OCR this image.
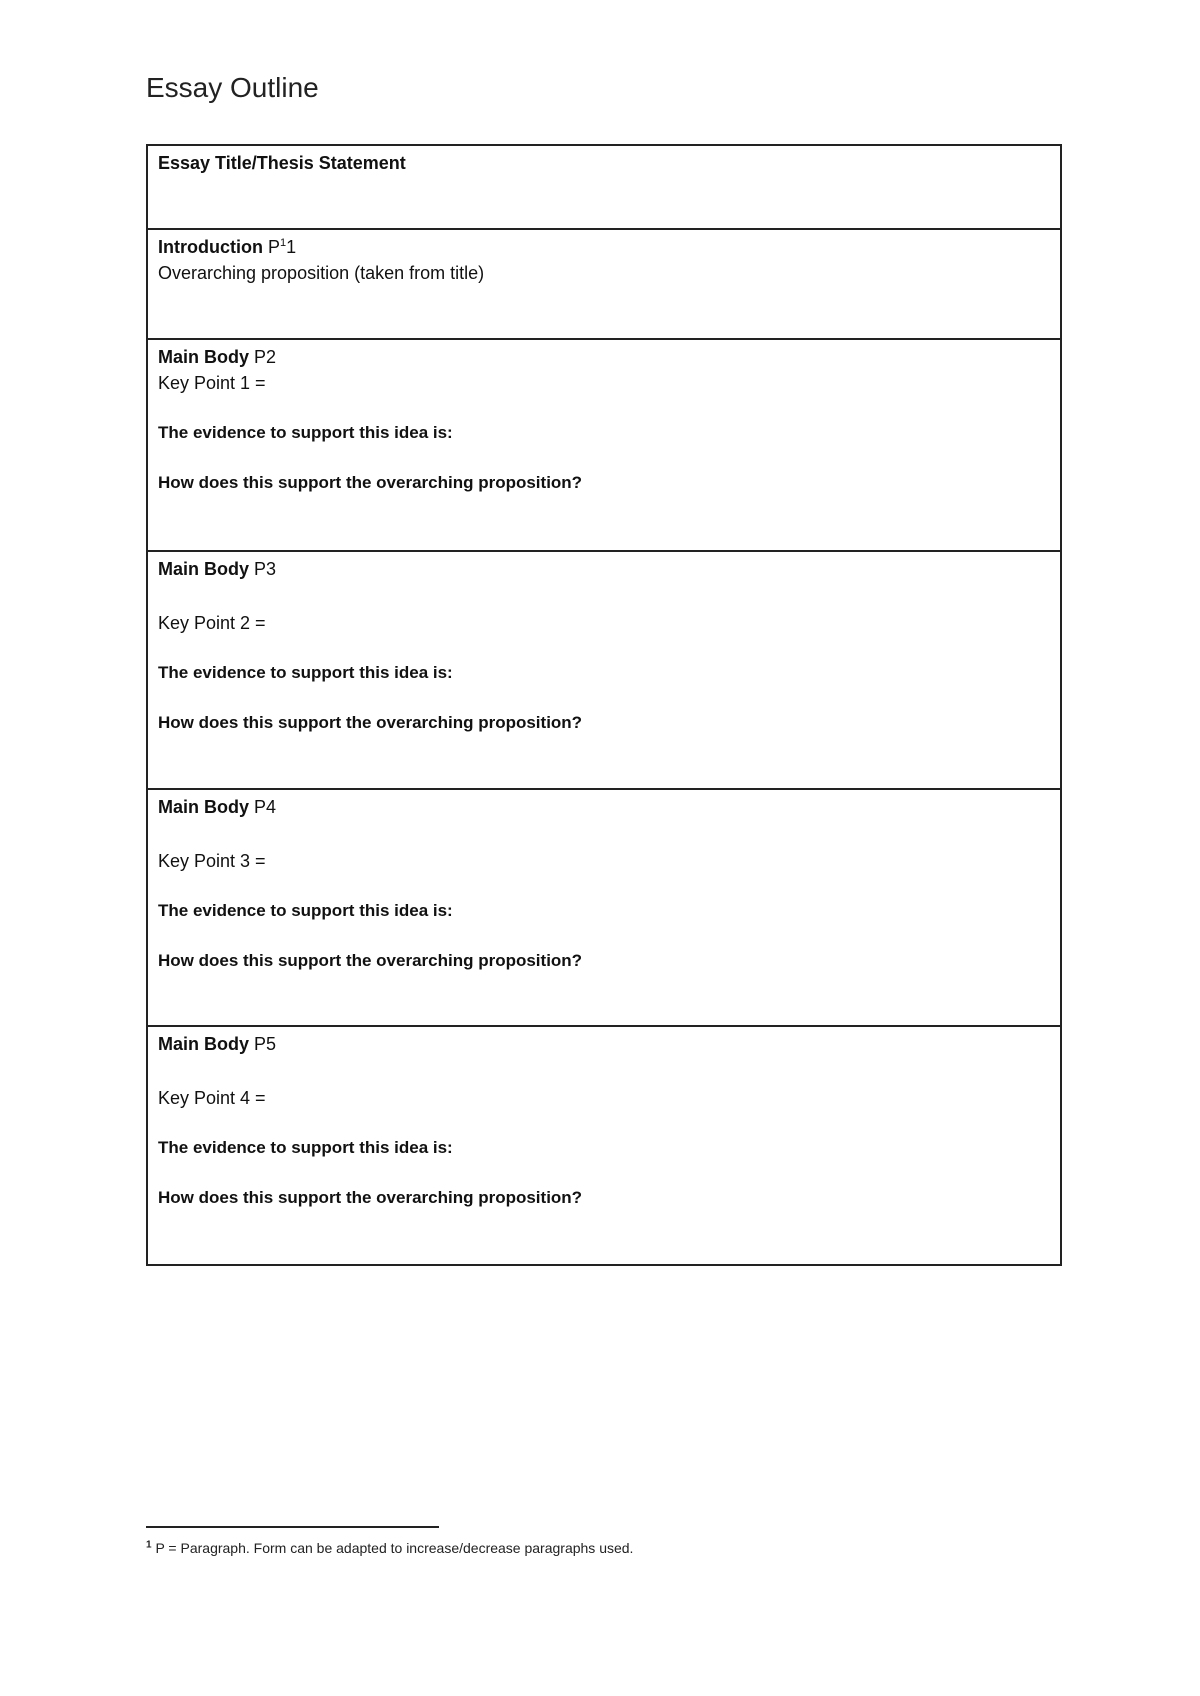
Essay Outline
Essay Title/Thesis Statement
Introduction $P^11$
Overarching proposition (taken from title)
Main Body P2
Key Point 1 =
The evidence to support this idea is:
How does this support the overarching proposition?
Main Body P3
Key Point 2 =
The evidence to support this idea is:
How does this support the overarching proposition?
Main Body P4
Key Point 3 =
The evidence to support this idea is:
How does this support the overarching proposition?
Main Body P5
Key Point 4 =
The evidence to support this idea is:
How does this support the overarching proposition?
$^1$ P = Paragraph. Form can be adapted to increase/decrease paragraphs used.
